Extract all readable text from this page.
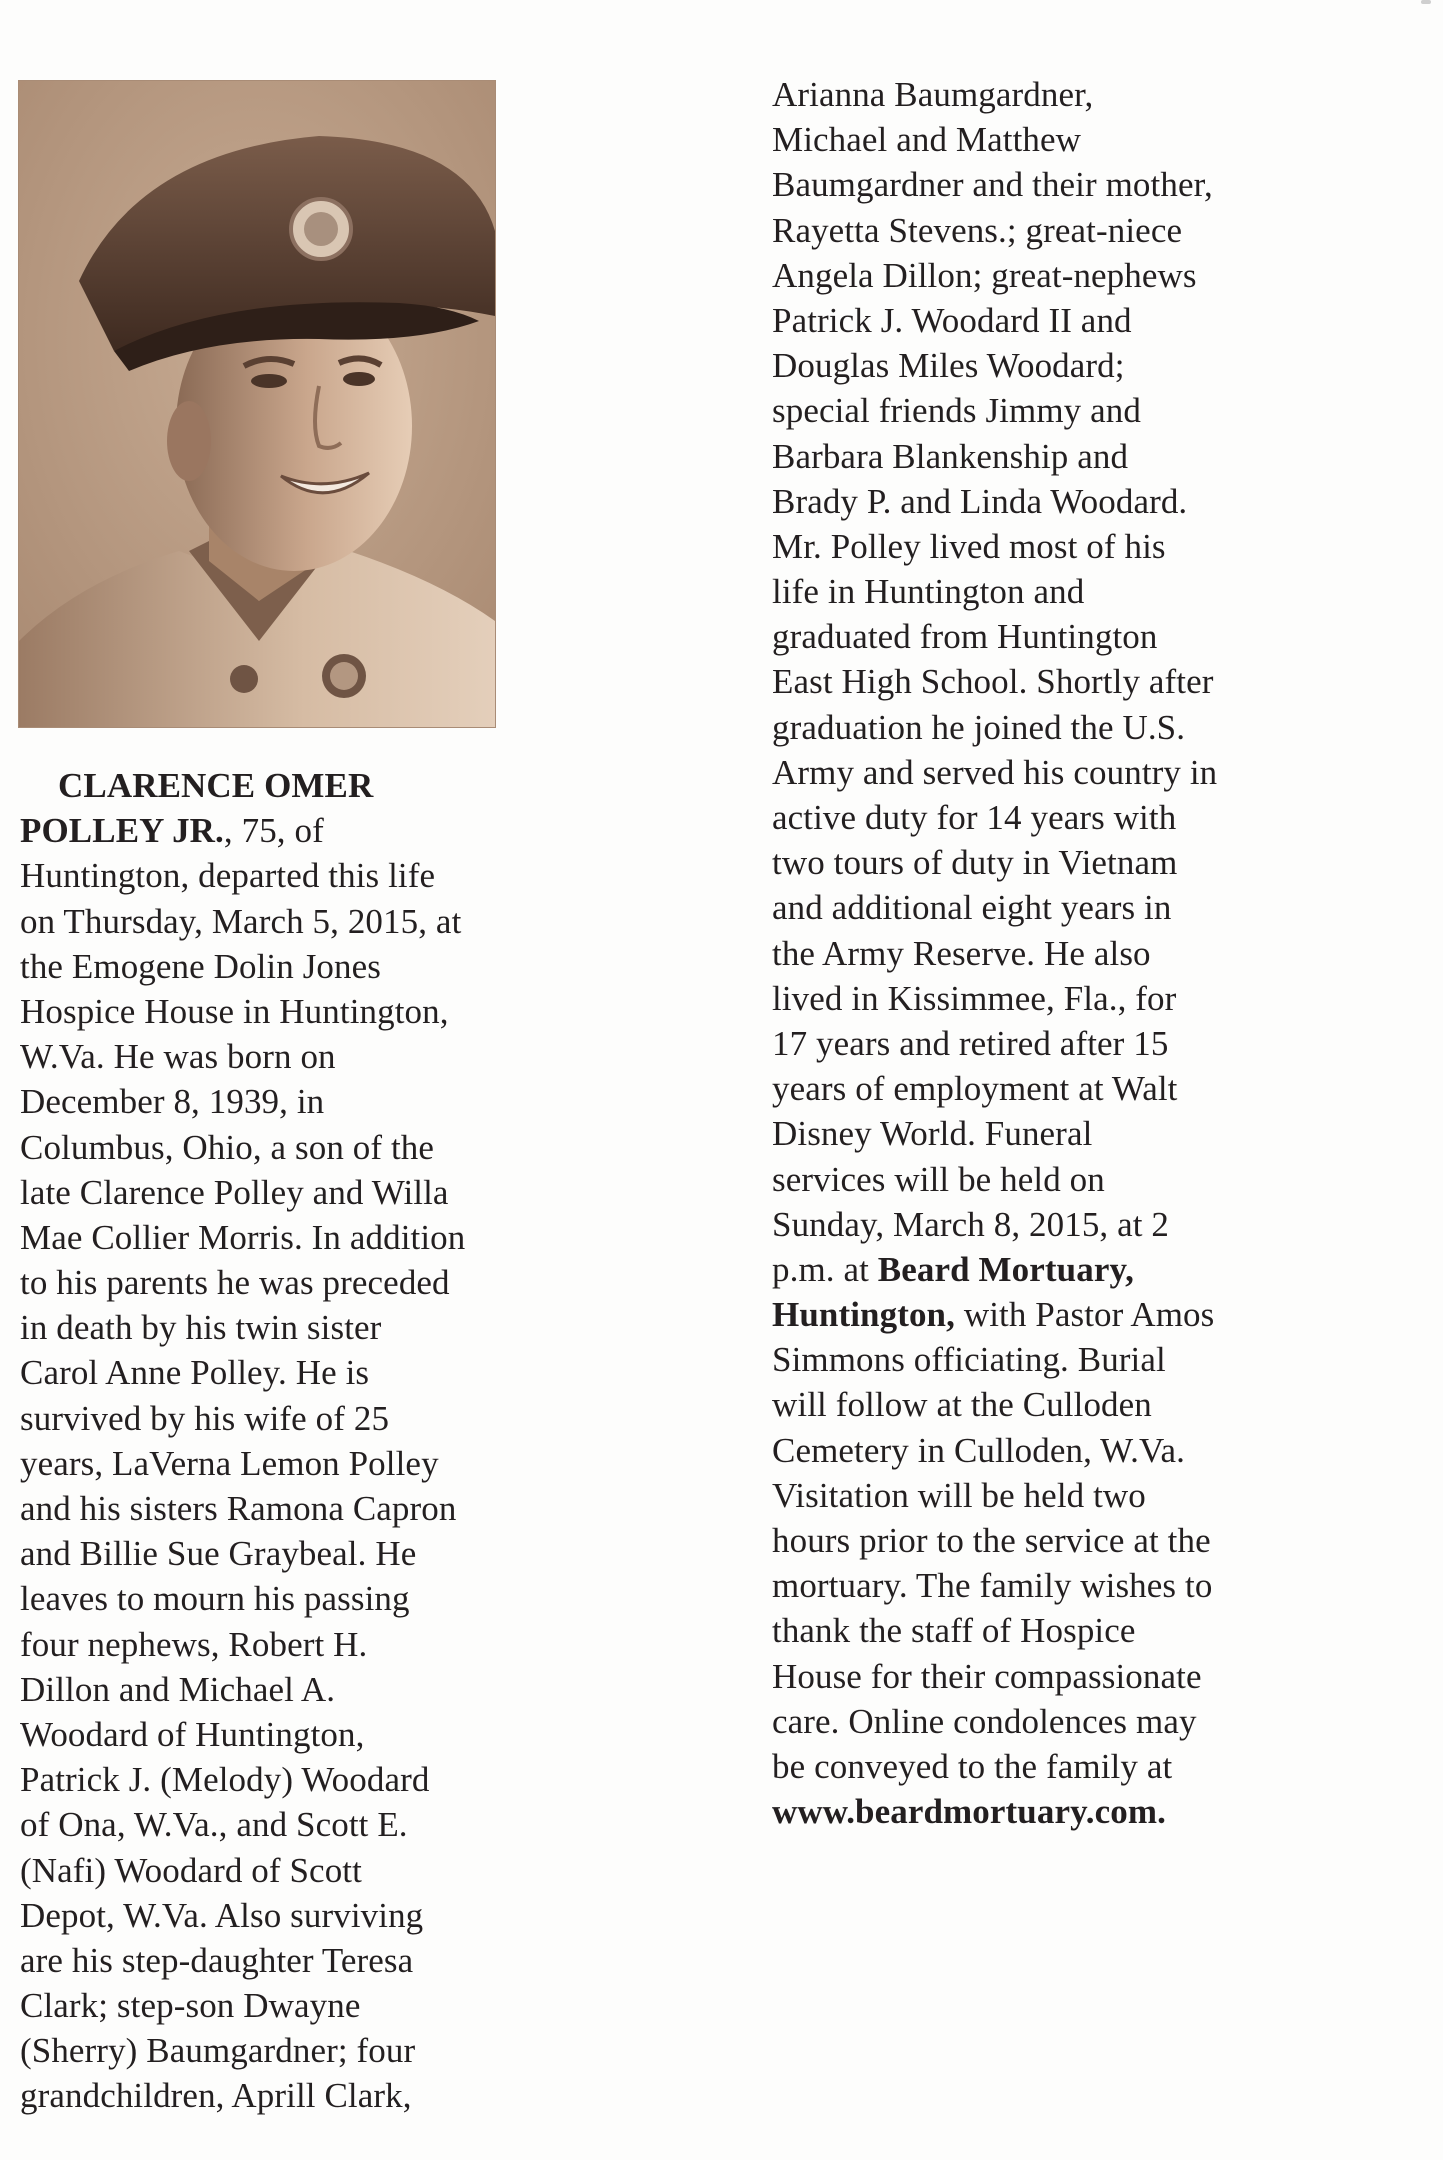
CLARENCE OMER
POLLEY JR., 75, of
Huntington, departed this life
on Thursday, March 5, 2015, at
the Emogene Dolin Jones
Hospice House in Huntington,
W.Va. He was born on
December 8, 1939, in
Columbus, Ohio, a son of the
late Clarence Polley and Willa
Mae Collier Morris. In addition
to his parents he was preceded
in death by his twin sister
Carol Anne Polley. He is
survived by his wife of 25
years, LaVerna Lemon Polley
and his sisters Ramona Capron
and Billie Sue Graybeal. He
leaves to mourn his passing
four nephews, Robert H.
Dillon and Michael A.
Woodard of Huntington,
Patrick J. (Melody) Woodard
of Ona, W.Va., and Scott E.
(Nafi) Woodard of Scott
Depot, W.Va. Also surviving
are his step-daughter Teresa
Clark; step-son Dwayne
(Sherry) Baumgardner; four
grandchildren, Aprill Clark,
Arianna Baumgardner,
Michael and Matthew
Baumgardner and their mother,
Rayetta Stevens.; great-niece
Angela Dillon; great-nephews
Patrick J. Woodard II and
Douglas Miles Woodard;
special friends Jimmy and
Barbara Blankenship and
Brady P. and Linda Woodard.
Mr. Polley lived most of his
life in Huntington and
graduated from Huntington
East High School. Shortly after
graduation he joined the U.S.
Army and served his country in
active duty for 14 years with
two tours of duty in Vietnam
and additional eight years in
the Army Reserve. He also
lived in Kissimmee, Fla., for
17 years and retired after 15
years of employment at Walt
Disney World. Funeral
services will be held on
Sunday, March 8, 2015, at 2
p.m. at Beard Mortuary,
Huntington, with Pastor Amos
Simmons officiating. Burial
will follow at the Culloden
Cemetery in Culloden, W.Va.
Visitation will be held two
hours prior to the service at the
mortuary. The family wishes to
thank the staff of Hospice
House for their compassionate
care. Online condolences may
be conveyed to the family at
www.beardmortuary.com.
